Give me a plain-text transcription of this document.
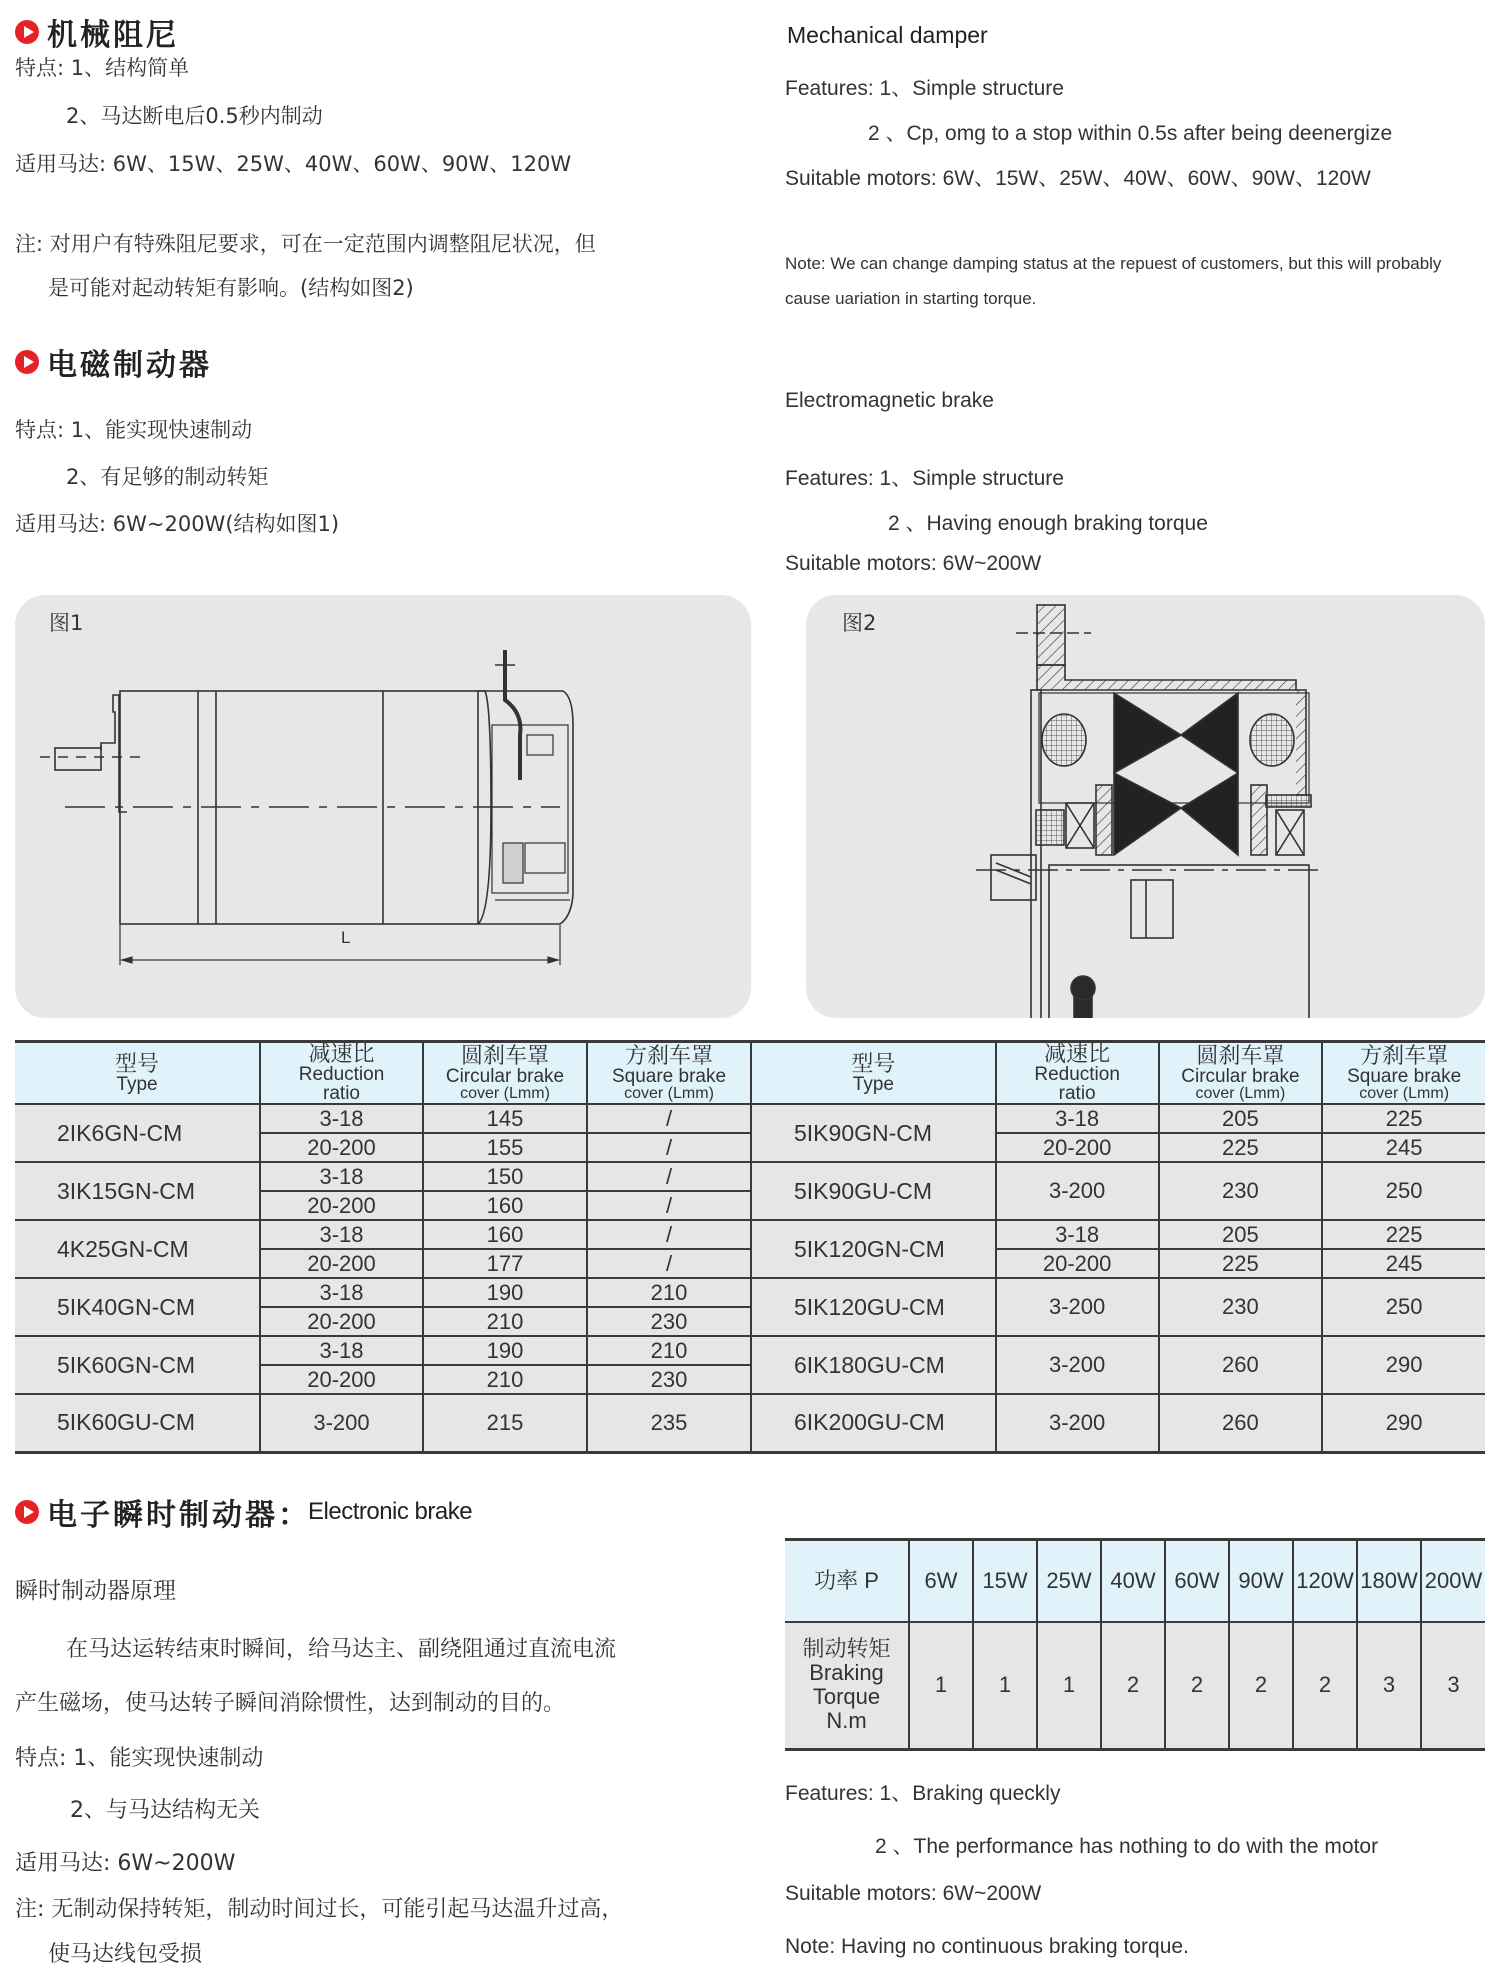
机械阻尼
特点: 1、结构简单
2、马达断电后0.5秒内制动
适用马达: 6W、15W、25W、40W、60W、90W、120W
注: 对用户有特殊阻尼要求，可在一定范围内调整阻尼状况，但
是可能对起动转矩有影响。(结构如图2)
Mechanical damper
Features: 1、Simple structure
2 、Cp, omg to a stop within 0.5s after being deenergize
Suitable motors: 6W、15W、25W、40W、60W、90W、120W
Note: We can change damping status at the repuest of customers, but this will probably
cause uariation in starting torque.
电磁制动器
特点: 1、能实现快速制动
2、有足够的制动转矩
适用马达: 6W~200W(结构如图1)
Electromagnetic brake
Features: 1、Simple structure
2 、Having enough braking torque
Suitable motors: 6W~200W
图1
L
图2
型号
Type	减速比
Reduction
ratio	圆刹车罩
Circular brake
cover (Lmm)	方刹车罩
Square brake
cover (Lmm)

2IK6GN-CM	3-18	145	/
	20-200	155	/
3IK15GN-CM	3-18	150	/
	20-200	160	/
4K25GN-CM	3-18	160	/
	20-200	177	/
5IK40GN-CM	3-18	190	210
	20-200	210	230
5IK60GN-CM	3-18	190	210
	20-200	210	230
5IK60GU-CM	3-200	215	235
型号
Type	减速比
Reduction
ratio	圆刹车罩
Circular brake
cover (Lmm)	方刹车罩
Square brake
cover (Lmm)

5IK90GN-CM	3-18	205	225
	20-200	225	245
5IK90GU-CM	3-200	230	250
5IK120GN-CM	3-18	205	225
	20-200	225	245
5IK120GU-CM	3-200	230	250
6IK180GU-CM	3-200	260	290
6IK200GU-CM	3-200	260	290
电子瞬时制动器 ： Electronic brake
瞬时制动器原理
在马达运转结束时瞬间，给马达主、副绕阻通过直流电流
产生磁场，使马达转子瞬间消除惯性，达到制动的目的。
特点: 1、能实现快速制动
2、与马达结构无关
适用马达: 6W~200W
注: 无制动保持转矩，制动时间过长，可能引起马达温升过高，
使马达线包受损
功率 P	6W	15W	25W	40W	60W	90W	120W	180W	200W

制动转矩
Braking
Torque
N.m	1	1	1	2	2	2	2	3	3
Features: 1、Braking queckly
2 、The performance has nothing to do with the motor
Suitable motors: 6W~200W
Note: Having no continuous braking torque.
